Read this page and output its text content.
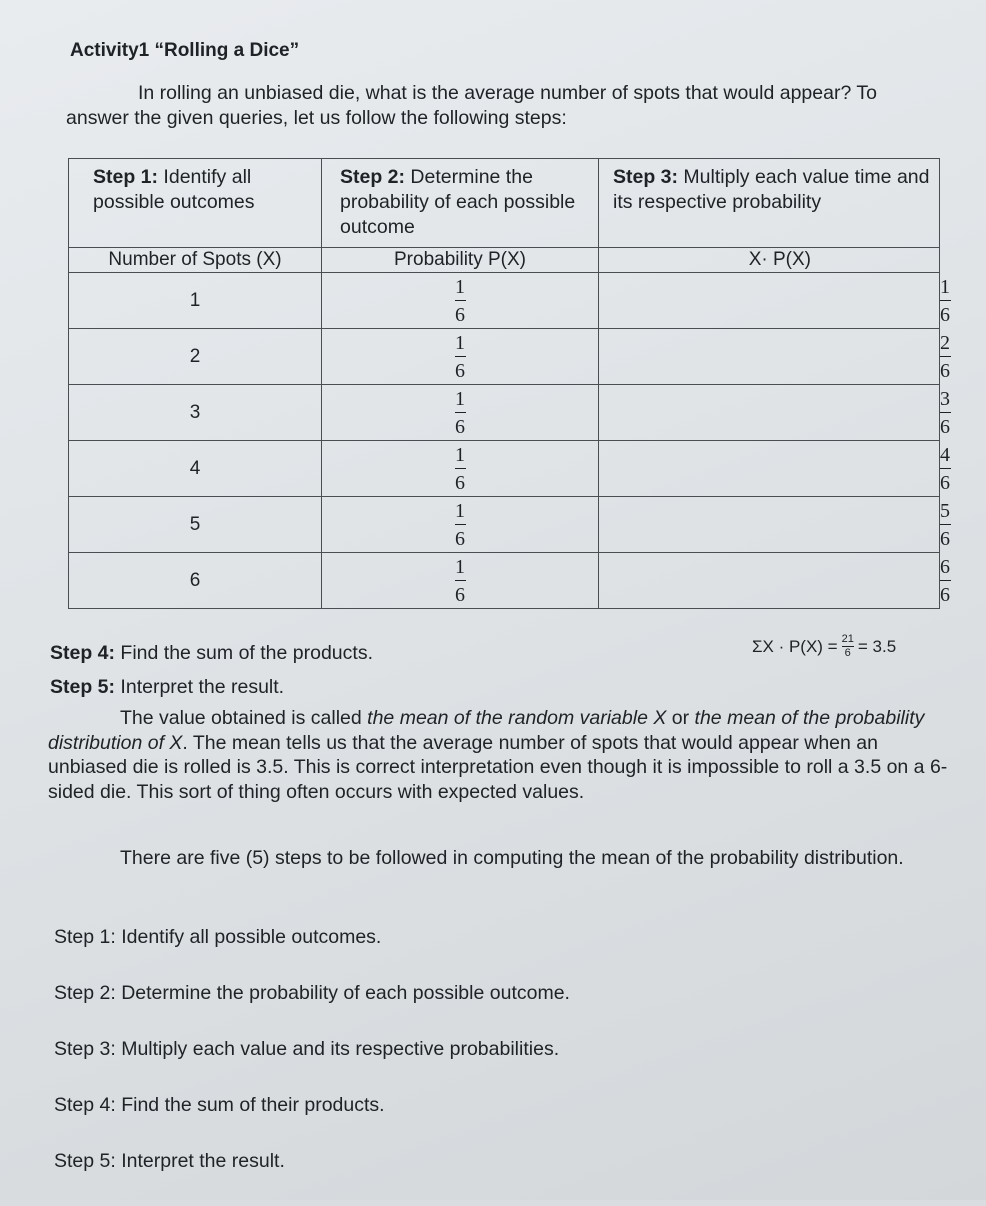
Activity1 “Rolling a Dice”

In rolling an unbiased die, what is the average number of spots that would appear? To answer the given queries, let us follow the following steps:
Step 1: Identify all possible outcomes	Step 2: Determine the probability of each possible outcome	Step 3: Multiply each value time and its respective probability
Number of Spots (X)	Probability P(X)	X· P(X)
1	$\frac{1}{6}$	$\frac{1}{6}$

2	$\frac{1}{6}$	$\frac{2}{6}$

3	$\frac{1}{6}$	$\frac{3}{6}$

4	$\frac{1}{6}$	$\frac{4}{6}$

5	$\frac{1}{6}$	$\frac{5}{6}$

6	$\frac{1}{6}$	$\frac{6}{6}$
Step 4: Find the sum of the products.	ΣX · P(X) = 21
6 = 3.5
Step 5: Interpret the result.
The value obtained is called the mean of the random variable X or the mean of the probability distribution of X. The mean tells us that the average number of spots that would appear when an unbiased die is rolled is 3.5. This is correct interpretation even though it is impossible to roll a 3.5 on a 6-sided die. This sort of thing often occurs with expected values.
There are five (5) steps to be followed in computing the mean of the probability distribution.
Step 1: Identify all possible outcomes.
Step 2: Determine the probability of each possible outcome.
Step 3: Multiply each value and its respective probabilities.
Step 4: Find the sum of their products.
Step 5: Interpret the result.
